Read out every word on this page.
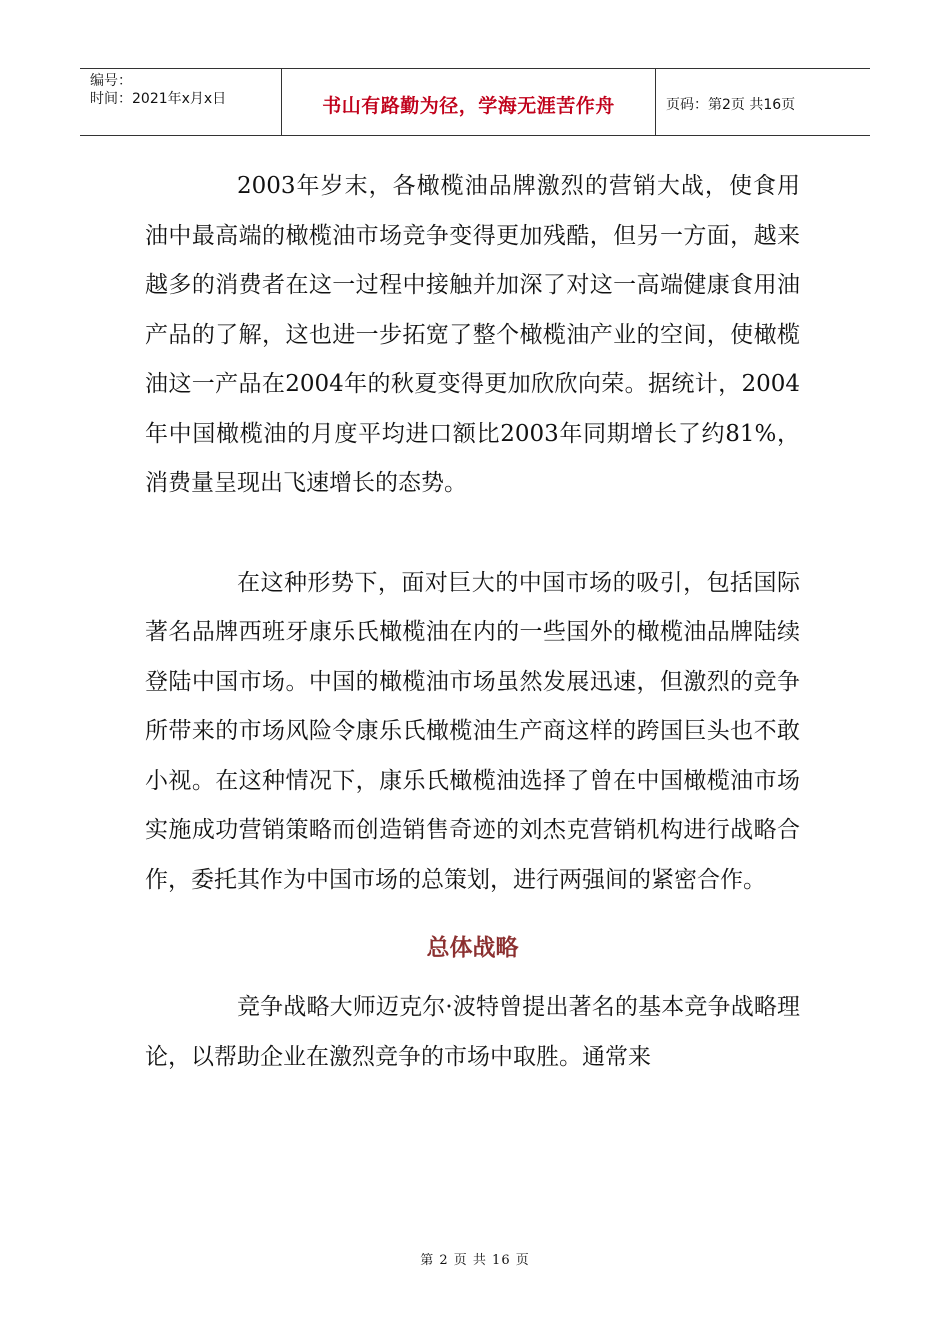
编号：
时间：2021年x月x日	书山有路勤为径，学海无涯苦作舟	页码：第2页 共16页

2003年岁末，各橄榄油品牌激烈的营销大战，使食用油中最高端的橄榄油市场竞争变得更加残酷，但另一方面，越来越多的消费者在这一过程中接触并加深了对这一高端健康食用油产品的了解，这也进一步拓宽了整个橄榄油产业的空间，使橄榄油这一产品在2004年的秋夏变得更加欣欣向荣。据统计，2004年中国橄榄油的月度平均进口额比2003年同期增长了约81%，消费量呈现出飞速增长的态势。

在这种形势下，面对巨大的中国市场的吸引，包括国际著名品牌西班牙康乐氏橄榄油在内的一些国外的橄榄油品牌陆续登陆中国市场。中国的橄榄油市场虽然发展迅速，但激烈的竞争所带来的市场风险令康乐氏橄榄油生产商这样的跨国巨头也不敢小视。在这种情况下，康乐氏橄榄油选择了曾在中国橄榄油市场实施成功营销策略而创造销售奇迹的刘杰克营销机构进行战略合作，委托其作为中国市场的总策划，进行两强间的紧密合作。

总体战略

竞争战略大师迈克尔·波特曾提出著名的基本竞争战略理论，以帮助企业在激烈竞争的市场中取胜。通常来

第 2 页 共 16 页
